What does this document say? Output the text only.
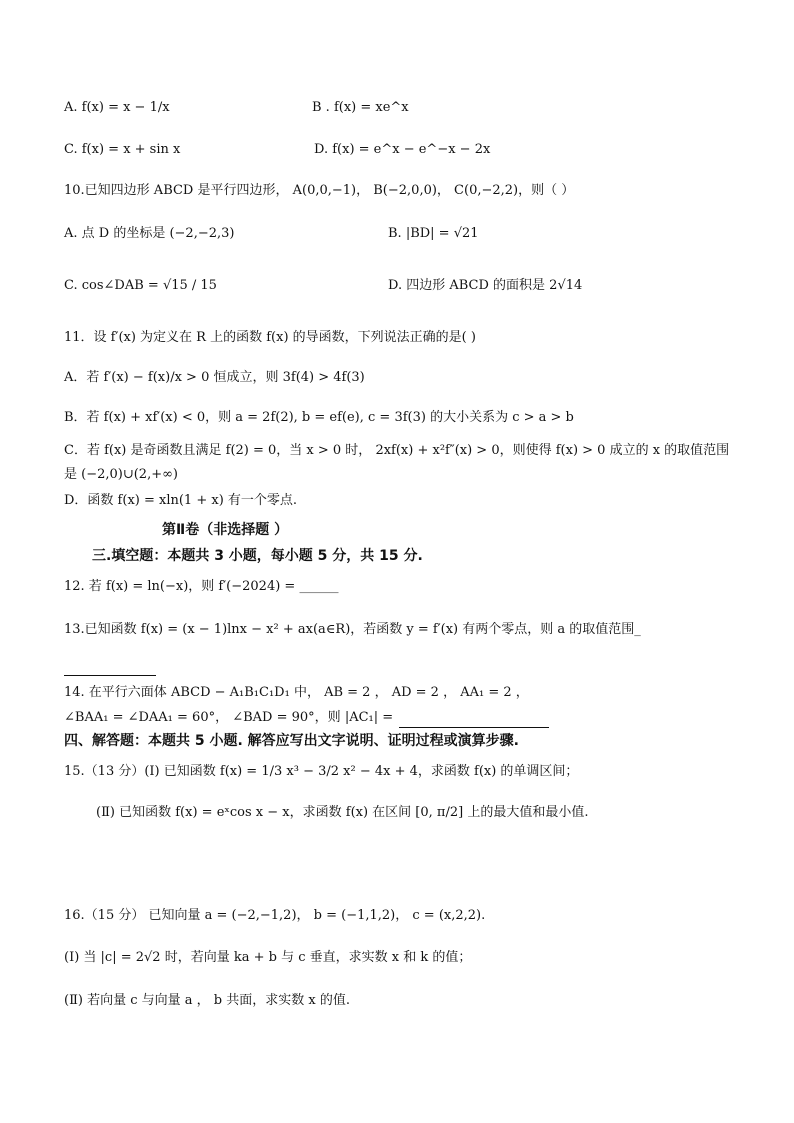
A. f(x) = x − 1/x	B . f(x) = xe^x
C. f(x) = x + sin x	D. f(x) = e^x − e^−x − 2x
10.已知四边形 ABCD 是平行四边形， A(0,0,−1)， B(−2,0,0)， C(0,−2,2)，则（ ）
A. 点 D 的坐标是 (−2,−2,3)	B. |BD| = √21
C. cos∠DAB = √15 / 15	D. 四边形 ABCD 的面积是 2√14
11．设 f′(x) 为定义在 R 上的函数 f(x) 的导函数，下列说法正确的是( )
A．若 f′(x) − f(x)/x > 0 恒成立，则 3f(4) > 4f(3)
B．若 f(x) + xf′(x) < 0，则 a = 2f(2), b = ef(e), c = 3f(3) 的大小关系为 c > a > b
C．若 f(x) 是奇函数且满足 f(2) = 0，当 x > 0 时， 2xf(x) + x²f″(x) > 0，则使得 f(x) > 0 成立的 x 的取值范围
是 (−2,0)∪(2,+∞)
D．函数 f(x) = xln(1 + x) 有一个零点.
第Ⅱ卷（非选择题 ）
三.填空题：本题共 3 小题，每小题 5 分，共 15 分.
12. 若 f(x) = ln(−x)，则 f′(−2024) = ______
13.已知函数 f(x) = (x − 1)lnx − x² + ax(a∈R)，若函数 y = f′(x) 有两个零点，则 a 的取值范围_
14. 在平行六面体 ABCD − A₁B₁C₁D₁ 中， AB = 2 ， AD = 2 ， AA₁ = 2 ，
∠BAA₁ = ∠DAA₁ = 60°， ∠BAD = 90°，则 |AC₁| =
四、解答题：本题共 5 小题. 解答应写出文字说明、证明过程或演算步骤.
15.（13 分）(Ⅰ) 已知函数 f(x) = 1/3 x³ − 3/2 x² − 4x + 4，求函数 f(x) 的单调区间；
(Ⅱ) 已知函数 f(x) = eˣcos x − x，求函数 f(x) 在区间 [0, π/2] 上的最大值和最小值.
16.（15 分） 已知向量 a = (−2,−1,2)， b = (−1,1,2)， c = (x,2,2).
(Ⅰ) 当 |c| = 2√2 时，若向量 ka + b 与 c 垂直，求实数 x 和 k 的值；
(Ⅱ) 若向量 c 与向量 a ， b 共面，求实数 x 的值.
